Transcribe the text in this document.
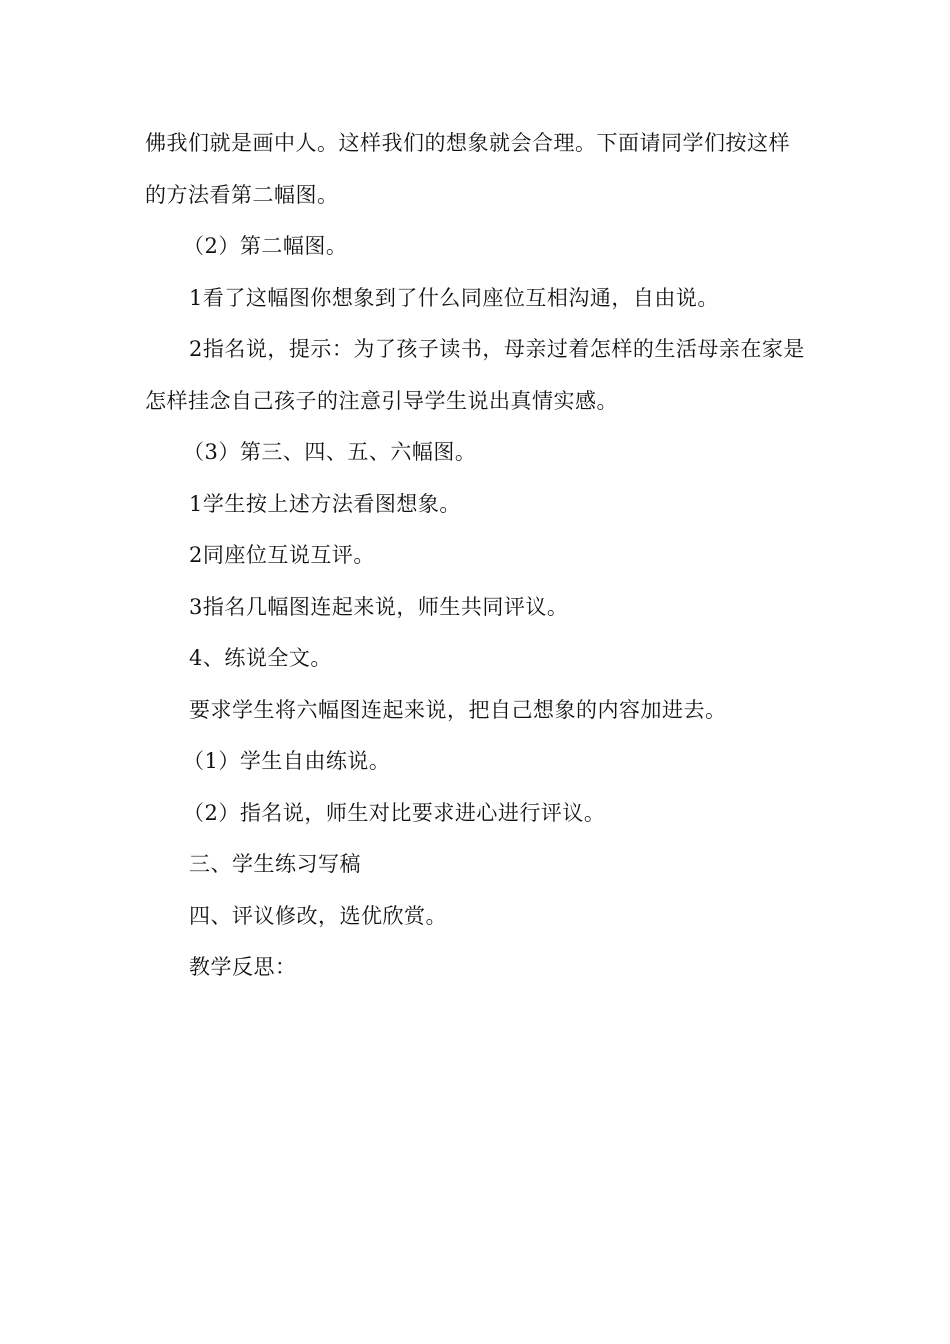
佛我们就是画中人。这样我们的想象就会合理。下面请同学们按这样的方法看第二幅图。

（2）第二幅图。

1看了这幅图你想象到了什么同座位互相沟通，自由说。

2指名说，提示：为了孩子读书，母亲过着怎样的生活母亲在家是怎样挂念自己孩子的注意引导学生说出真情实感。

（3）第三、四、五、六幅图。

1学生按上述方法看图想象。

2同座位互说互评。

3指名几幅图连起来说，师生共同评议。

4、练说全文。

要求学生将六幅图连起来说，把自己想象的内容加进去。

（1）学生自由练说。

（2）指名说，师生对比要求进心进行评议。

三、学生练习写稿

四、评议修改，选优欣赏。

教学反思：
